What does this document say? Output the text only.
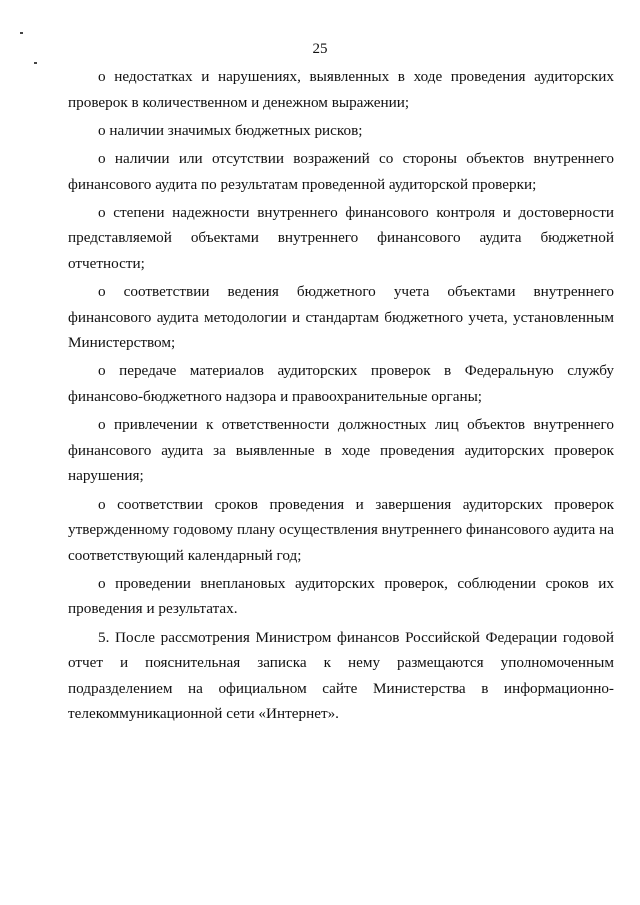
25

о недостатках и нарушениях, выявленных в ходе проведения аудиторских проверок в количественном и денежном выражении;

о наличии значимых бюджетных рисков;

о наличии или отсутствии возражений со стороны объектов внутреннего финансового аудита по результатам проведенной аудиторской проверки;

о степени надежности внутреннего финансового контроля и достоверности представляемой объектами внутреннего финансового аудита бюджетной отчетности;

о соответствии ведения бюджетного учета объектами внутреннего финансового аудита методологии и стандартам бюджетного учета, установленным Министерством;

о передаче материалов аудиторских проверок в Федеральную службу финансово-бюджетного надзора и правоохранительные органы;

о привлечении к ответственности должностных лиц объектов внутреннего финансового аудита за выявленные в ходе проведения аудиторских проверок нарушения;

о соответствии сроков проведения и завершения аудиторских проверок утвержденному годовому плану осуществления внутреннего финансового аудита на соответствующий календарный год;

о проведении внеплановых аудиторских проверок, соблюдении сроков их проведения и результатах.

5. После рассмотрения Министром финансов Российской Федерации годовой отчет и пояснительная записка к нему размещаются уполномоченным подразделением на официальном сайте Министерства в информационно-телекоммуникационной сети «Интернет».
